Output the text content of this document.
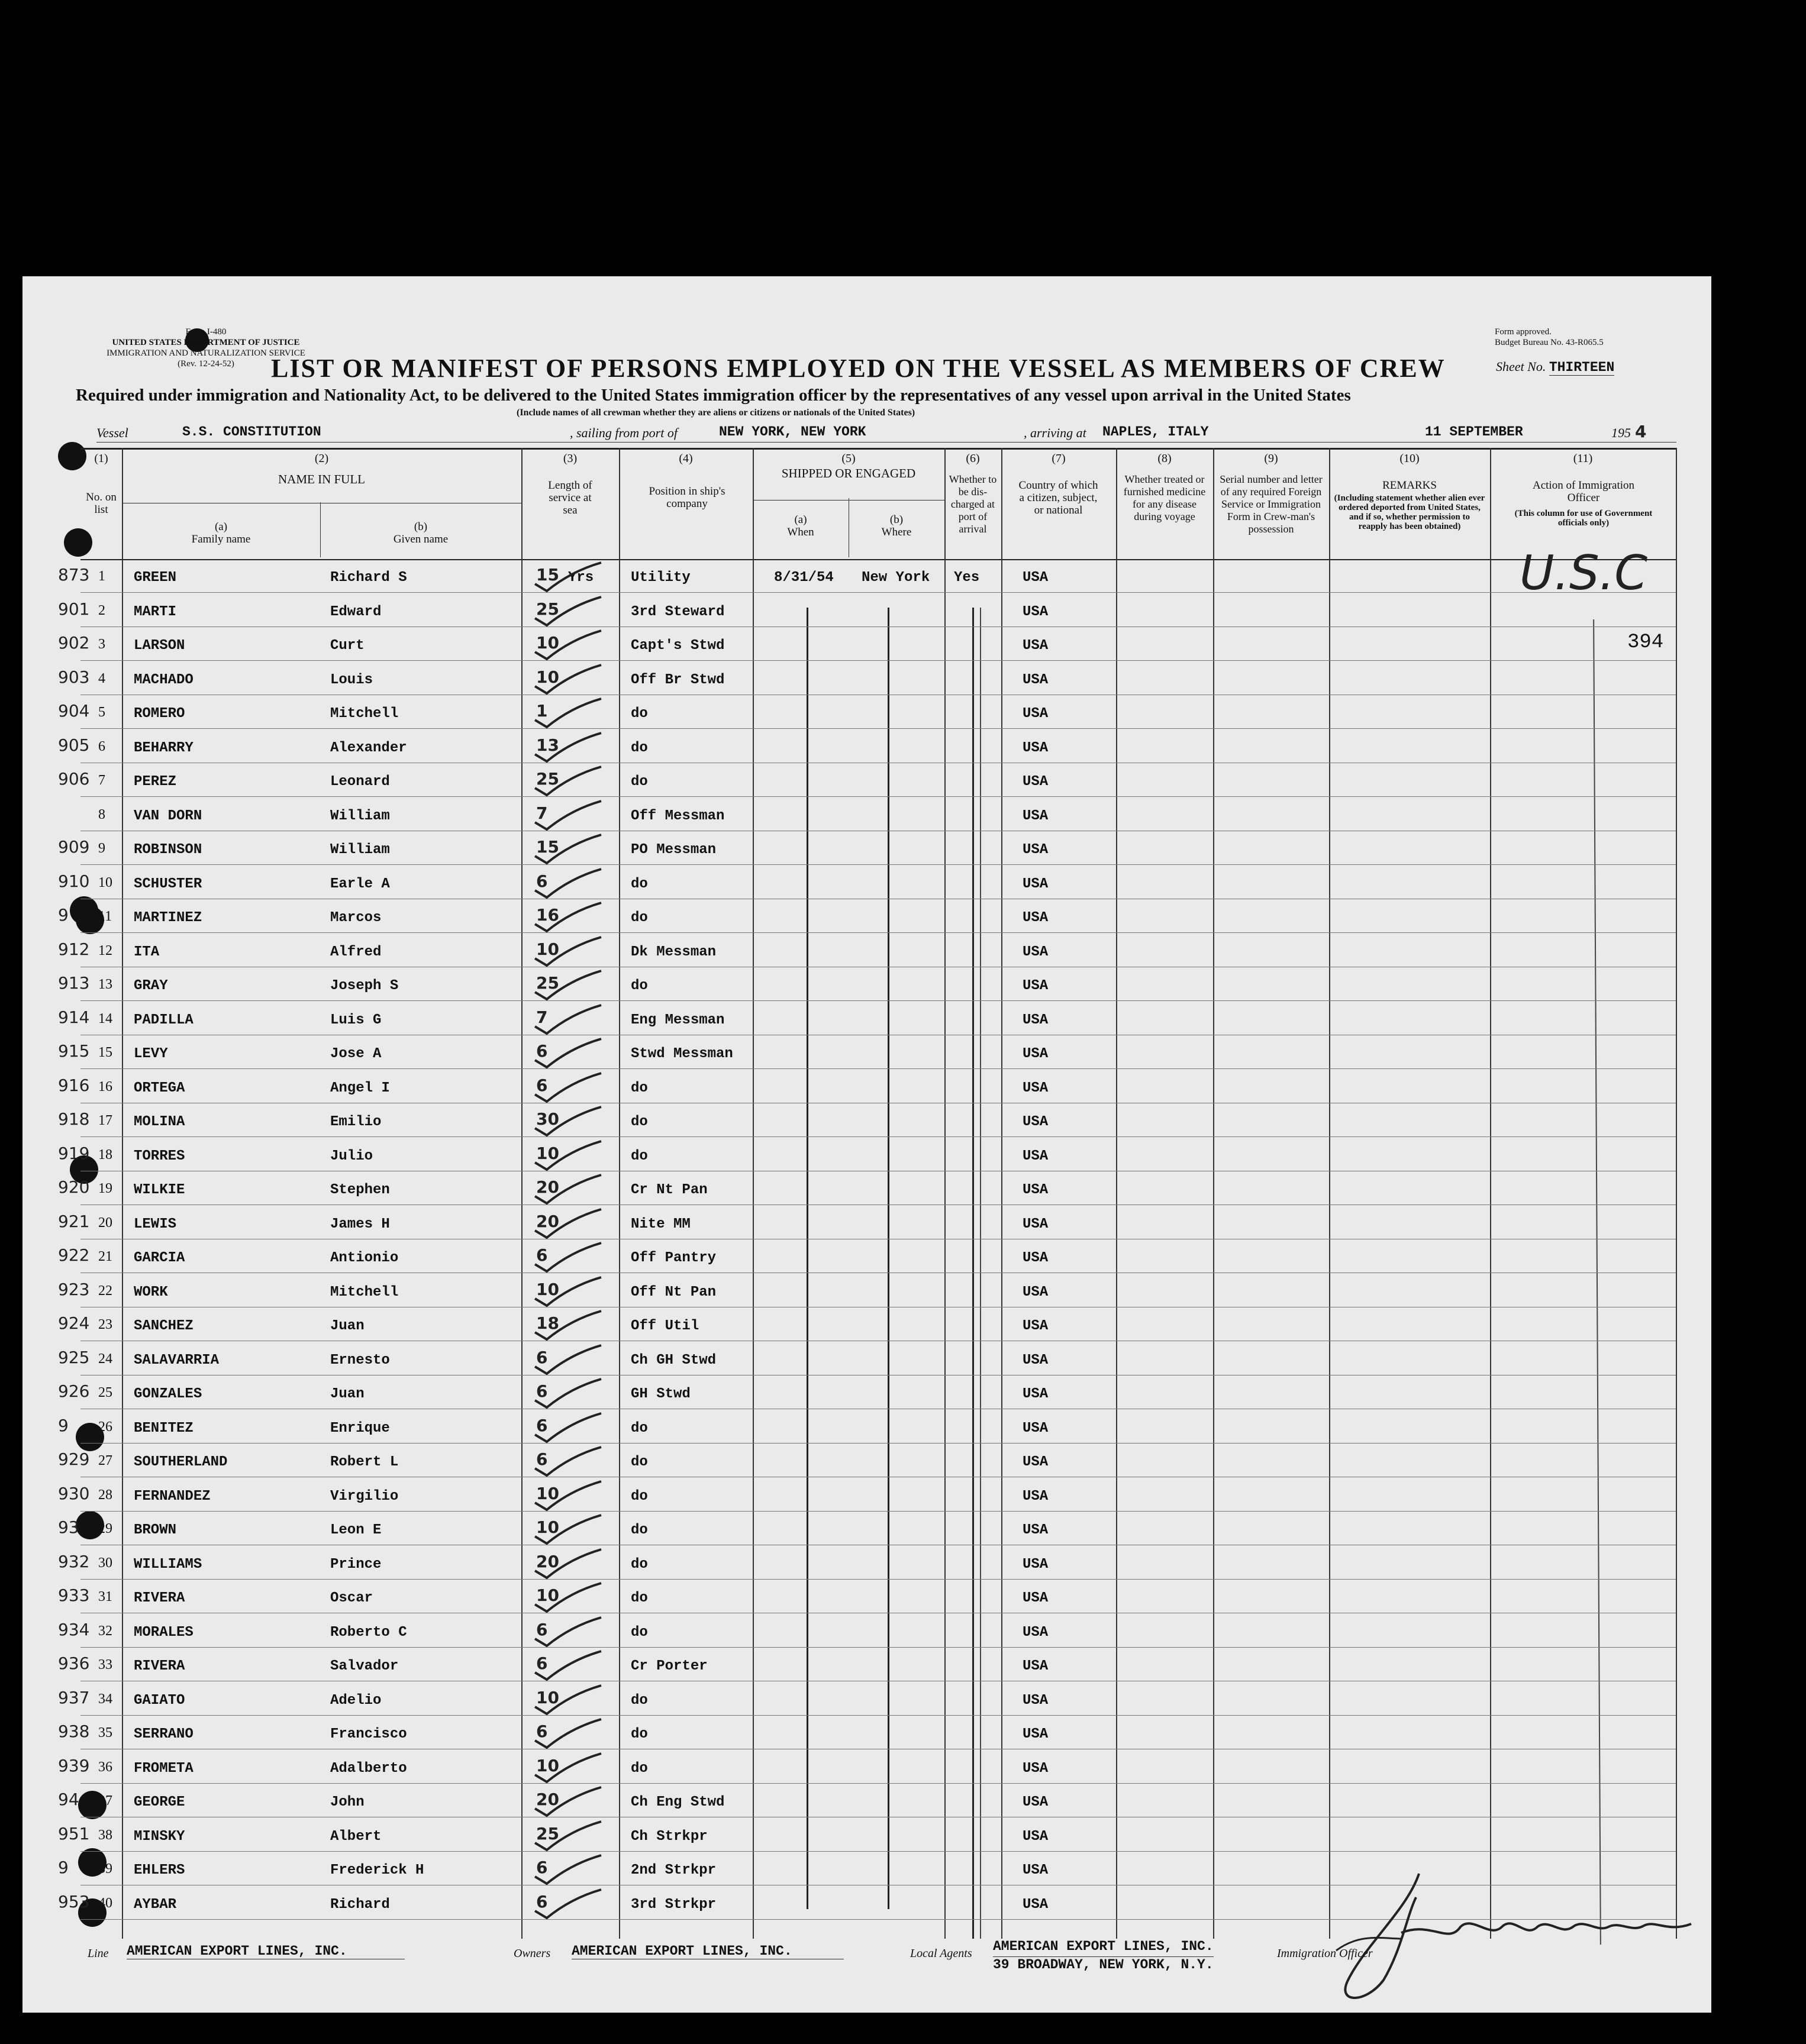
Form I-480
UNITED STATES DEPARTMENT OF JUSTICE
IMMIGRATION AND NATURALIZATION SERVICE
(Rev. 12-24-52)
Form approved.
Budget Bureau No. 43-R065.5
LIST OR MANIFEST OF PERSONS EMPLOYED ON THE VESSEL AS MEMBERS OF CREW	Sheet No. THIRTEEN
Required under immigration and Nationality Act, to be delivered to the United States immigration officer by the representatives of any vessel upon arrival in the United States
(Include names of all crewman whether they are aliens or citizens or nationals of the United States)
Vessel	S.S. CONSTITUTION	, sailing from port of	NEW YORK, NEW YORK	, arriving at NAPLES, ITALY	11 SEPTEMBER	195 4
(1)
No. on list
(2)
NAME IN FULL
(a)
Family name
(b)
Given name
(3)
Length of service at sea
(4)
Position in ship's company
(5)
SHIPPED OR ENGAGED
(a)
When
(b)
Where
(6)
Whether to be dis-charged at port of arrival
(7)
Country of which a citizen, subject, or national
(8)
Whether treated or furnished medicine for any disease during voyage
(9)
Serial number and letter of any required Foreign Service or Immigration Form in Crew-man's possession
(10)
REMARKS
(Including statement whether alien ever ordered deported from United States, and if so, whether permission to reapply has been obtained)
(11)
Action of Immigration Officer
(This column for use of Government officials only)
873 1 GREEN	Richard S	15 Yrs	Utility	8/31/54 New York Yes	USA
901 2 MARTI	Edward	25	3rd Steward	USA
902 3 LARSON	Curt	10	Capt's Stwd	USA
903 4 MACHADO	Louis	10	Off Br Stwd	USA
904 5 ROMERO	Mitchell	1	do	USA
905 6 BEHARRY	Alexander	13	do	USA
906 7 PEREZ	Leonard	25	do	USA
8 VAN DORN	William	7	Off Messman	USA
909 9 ROBINSON	William	15	PO Messman	USA
910 10 SCHUSTER	Earle A	6	do	USA
9 11 MARTINEZ	Marcos	16	do	USA
912 12 ITA	Alfred	10	Dk Messman	USA
913 13 GRAY	Joseph S	25	do	USA
914 14 PADILLA	Luis G	7	Eng Messman	USA
915 15 LEVY	Jose A	6	Stwd Messman	USA
916 16 ORTEGA	Angel I	6	do	USA
918 17 MOLINA	Emilio	30	do	USA
919 18 TORRES	Julio	10	do	USA
920 19 WILKIE	Stephen	20	Cr Nt Pan	USA
921 20 LEWIS	James H	20	Nite MM	USA
922 21 GARCIA	Antionio	6	Off Pantry	USA
923 22 WORK	Mitchell	10	Off Nt Pan	USA
924 23 SANCHEZ	Juan	18	Off Util	USA
925 24 SALAVARRIA	Ernesto	6	Ch GH Stwd	USA
926 25 GONZALES	Juan	6	GH Stwd	USA
9 26 BENITEZ	Enrique	6	do	USA
929 27 SOUTHERLAND	Robert L	6	do	USA
930 28 FERNANDEZ	Virgilio	10	do	USA
93 29 BROWN	Leon E	10	do	USA
932 30 WILLIAMS	Prince	20	do	USA
933 31 RIVERA	Oscar	10	do	USA
934 32 MORALES	Roberto C	6	do	USA
936 33 RIVERA	Salvador	6	Cr Porter	USA
937 34 GAIATO	Adelio	10	do	USA
938 35 SERRANO	Francisco	6	do	USA
939 36 FROMETA	Adalberto	10	do	USA
94 37 GEORGE	John	20	Ch Eng Stwd	USA
951 38 MINSKY	Albert	25	Ch Strkpr	USA
9 39 EHLERS	Frederick H	6	2nd Strkpr	USA
953 40 AYBAR	Richard	6	3rd Strkpr	USA
U.S.C
394
Line AMERICAN EXPORT LINES, INC.	Owners AMERICAN EXPORT LINES, INC.	Local Agents AMERICAN EXPORT LINES, INC.
39 BROADWAY, NEW YORK, N.Y.
Immigration Officer
